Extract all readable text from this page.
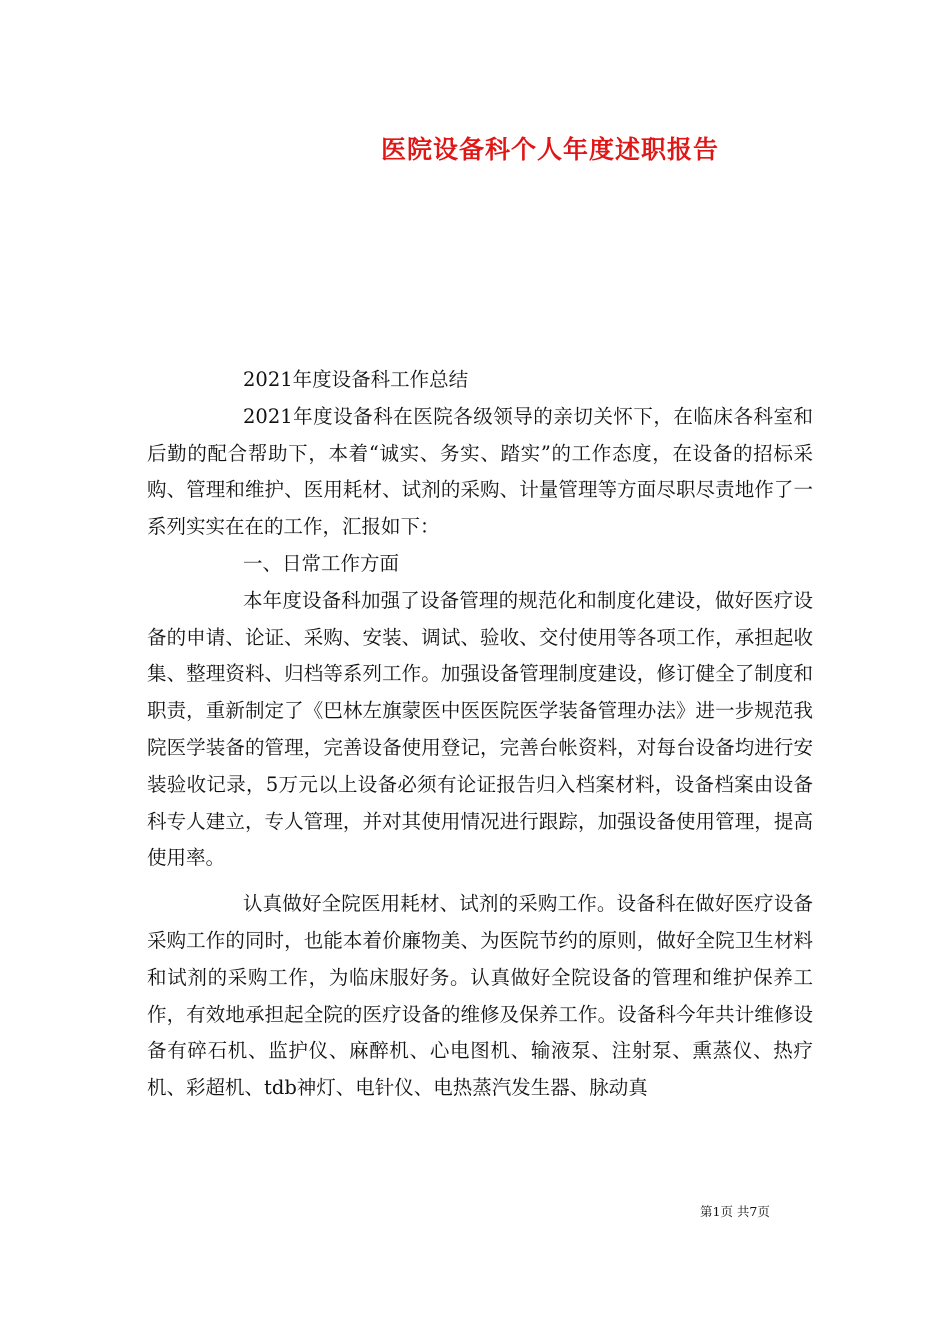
医院设备科个人年度述职报告

2021年度设备科工作总结

2021年度设备科在医院各级领导的亲切关怀下，在临床各科室和后勤的配合帮助下，本着“诚实、务实、踏实”的工作态度，在设备的招标采购、管理和维护、医用耗材、试剂的采购、计量管理等方面尽职尽责地作了一系列实实在在的工作，汇报如下：

一、日常工作方面

本年度设备科加强了设备管理的规范化和制度化建设，做好医疗设备的申请、论证、采购、安装、调试、验收、交付使用等各项工作，承担起收集、整理资料、归档等系列工作。加强设备管理制度建设，修订健全了制度和职责，重新制定了《巴林左旗蒙医中医医院医学装备管理办法》进一步规范我院医学装备的管理，完善设备使用登记，完善台帐资料，对每台设备均进行安装验收记录，5万元以上设备必须有论证报告归入档案材料，设备档案由设备科专人建立，专人管理，并对其使用情况进行跟踪，加强设备使用管理，提高使用率。

认真做好全院医用耗材、试剂的采购工作。设备科在做好医疗设备采购工作的同时，也能本着价廉物美、为医院节约的原则，做好全院卫生材料和试剂的采购工作，为临床服好务。认真做好全院设备的管理和维护保养工作，有效地承担起全院的医疗设备的维修及保养工作。设备科今年共计维修设备有碎石机、监护仪、麻醉机、心电图机、输液泵、注射泵、熏蒸仪、热疗机、彩超机、tdb神灯、电针仪、电热蒸汽发生器、脉动真

第1页 共7页
